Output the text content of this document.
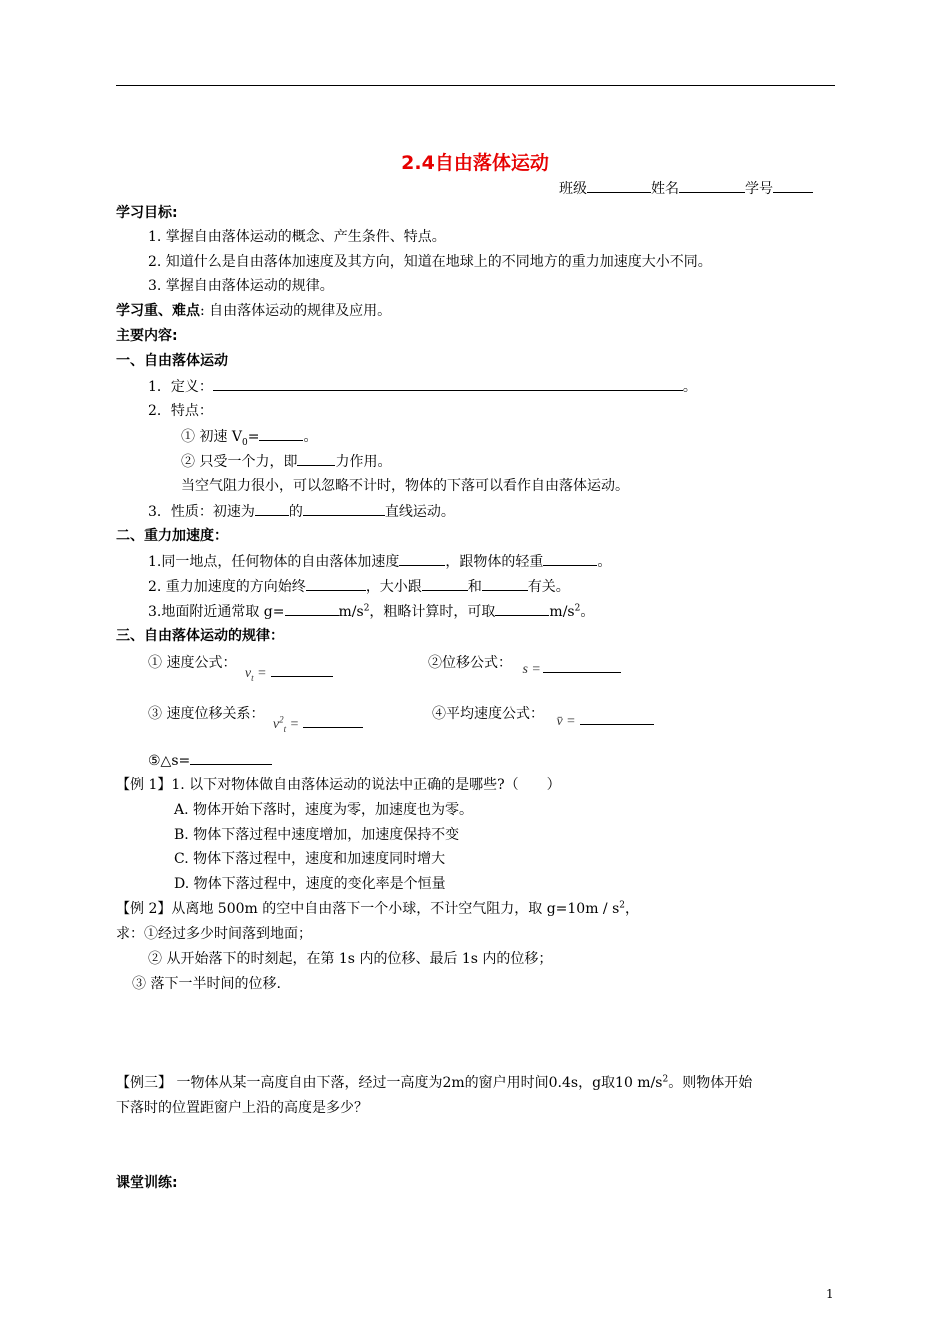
2.4自由落体运动
班级	姓名	学号
学习目标:
1. 掌握自由落体运动的概念、产生条件、特点。
2. 知道什么是自由落体加速度及其方向，知道在地球上的不同地方的重力加速度大小不同。
3. 掌握自由落体运动的规律。
学习重、难点: 自由落体运动的规律及应用。
主要内容:
一、自由落体运动
1．定义：	。
2．特点：
① 初速 $V_0=$	。
② 只受一个力，即	力作用。
当空气阻力很小，可以忽略不计时，物体的下落可以看作自由落体运动。
3．性质：初速为 的	直线运动。
二、重力加速度：
1.同一地点，任何物体的自由落体加速度	，跟物体的轻重	。
2. 重力加速度的方向始终	，大小跟	和	有关。
3.地面附近通常取 g=	$m/s^2$，粗略计算时，可取	$m/s^2$。
三、自由落体运动的规律：
① 速度公式： $v_t$ =
②位移公式： s =
③ 速度位移关系： $v^2_t$ =
④平均速度公式： v̄ =
⑤△s=
【例 1】1. 以下对物体做自由落体运动的说法中正确的是哪些?（　　）
A. 物体开始下落时，速度为零，加速度也为零。
B. 物体下落过程中速度增加，加速度保持不变
C. 物体下落过程中，速度和加速度同时增大
D. 物体下落过程中，速度的变化率是个恒量
【例 2】从离地 500m 的空中自由落下一个小球，不计空气阻力，取 $g=10m / s^2$，
求：①经过多少时间落到地面；
② 从开始落下的时刻起，在第 1s 内的位移、最后 1s 内的位移；
③ 落下一半时间的位移.
【例三】 一物体从某一高度自由下落，经过一高度为2m的窗户用时间0.4s，g取10 $m/s^2$。则物体开始
下落时的位置距窗户上沿的高度是多少？
课堂训练:
1
